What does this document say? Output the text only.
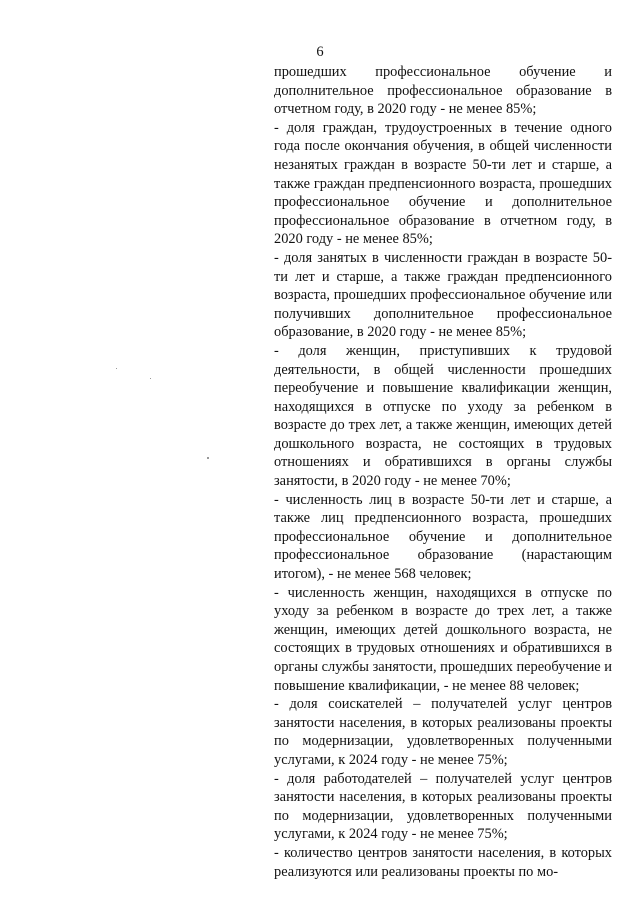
6

прошедших профессиональное обучение и дополнительное профессиональное образование в отчетном году, в 2020 году - не менее 85%;

- доля граждан, трудоустроенных в течение одного года после окончания обучения, в общей численности незанятых граждан в возрасте 50-ти лет и старше, а также граждан предпенсионного возраста, прошедших профессиональное обучение и дополнительное профессиональное образование в отчетном году, в 2020 году - не менее 85%;

- доля занятых в численности граждан в возрасте 50-ти лет и старше, а также граждан предпенсионного возраста, прошедших профессиональное обучение или получивших дополнительное профессиональное образование, в 2020 году - не менее 85%;

- доля женщин, приступивших к трудовой деятельности, в общей численности прошедших переобучение и повышение квалификации женщин, находящихся в отпуске по уходу за ребенком в возрасте до трех лет, а также женщин, имеющих детей дошкольного возраста, не состоящих в трудовых отношениях и обратившихся в органы службы занятости, в 2020 году - не менее 70%;

- численность лиц в возрасте 50-ти лет и старше, а также лиц предпенсионного возраста, прошедших профессиональное обучение и дополнительное профессиональное образование (нарастающим итогом), - не менее 568 человек;

- численность женщин, находящихся в отпуске по уходу за ребенком в возрасте до трех лет, а также женщин, имеющих детей дошкольного возраста, не состоящих в трудовых отношениях и обратившихся в органы службы занятости, прошедших переобучение и повышение квалификации, - не менее 88 человек;

- доля соискателей – получателей услуг центров занятости населения, в которых реализованы проекты по модернизации, удовлетворенных полученными услугами, к 2024 году - не менее 75%;

- доля работодателей – получателей услуг центров занятости населения, в которых реализованы проекты по модернизации, удовлетворенных полученными услугами, к 2024 году - не менее 75%;

- количество центров занятости населения, в которых реализуются или реализованы проекты по мо-
